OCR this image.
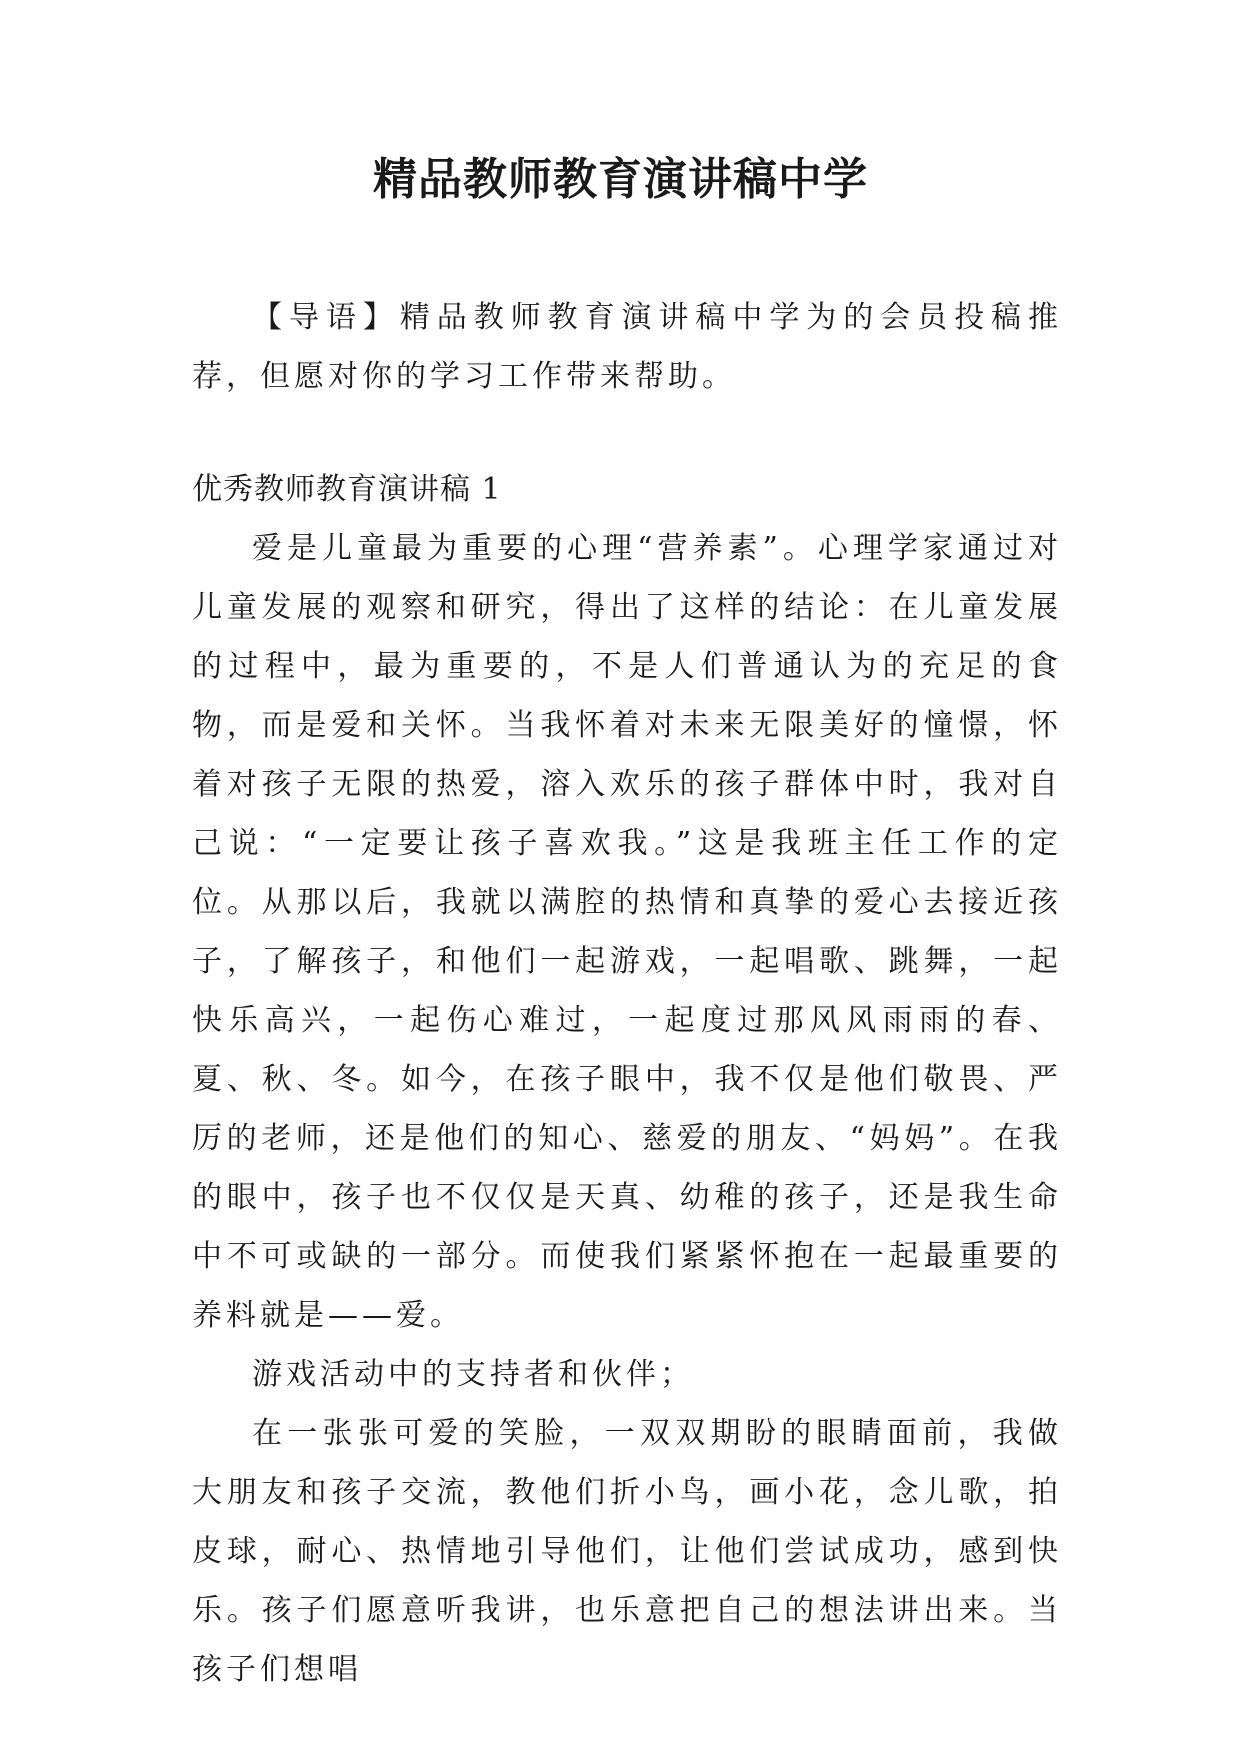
精品教师教育演讲稿中学

【导语】精品教师教育演讲稿中学为的会员投稿推荐，但愿对你的学习工作带来帮助。

优秀教师教育演讲稿 1

爱是儿童最为重要的心理“营养素”。心理学家通过对儿童发展的观察和研究，得出了这样的结论：在儿童发展的过程中，最为重要的，不是人们普通认为的充足的食物，而是爱和关怀。当我怀着对未来无限美好的憧憬，怀着对孩子无限的热爱，溶入欢乐的孩子群体中时，我对自己说：“一定要让孩子喜欢我。”这是我班主任工作的定位。从那以后，我就以满腔的热情和真挚的爱心去接近孩子，了解孩子，和他们一起游戏，一起唱歌、跳舞，一起快乐高兴，一起伤心难过，一起度过那风风雨雨的春、夏、秋、冬。如今，在孩子眼中，我不仅是他们敬畏、严厉的老师，还是他们的知心、慈爱的朋友、“妈妈”。在我的眼中，孩子也不仅仅是天真、幼稚的孩子，还是我生命中不可或缺的一部分。而使我们紧紧怀抱在一起最重要的养料就是——爱。

游戏活动中的支持者和伙伴；

在一张张可爱的笑脸，一双双期盼的眼睛面前，我做大朋友和孩子交流，教他们折小鸟，画小花，念儿歌，拍皮球，耐心、热情地引导他们，让他们尝试成功，感到快乐。孩子们愿意听我讲，也乐意把自己的想法讲出来。当孩子们想唱
